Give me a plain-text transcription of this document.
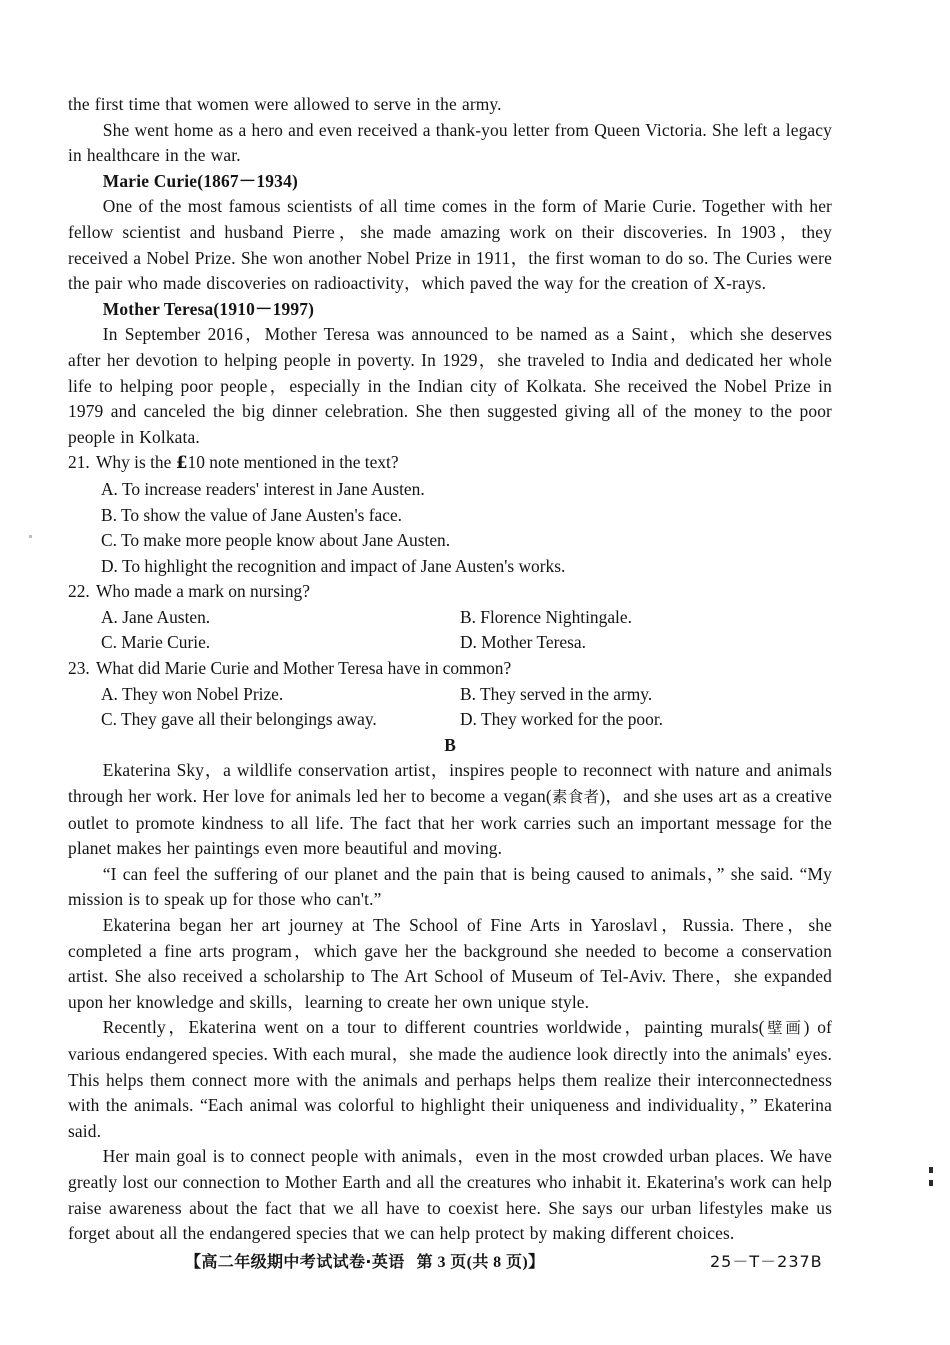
the first time that women were allowed to serve in the army.

She went home as a hero and even received a thank-you letter from Queen Victoria. She left a legacy in healthcare in the war.

Marie Curie(1867－1934)

One of the most famous scientists of all time comes in the form of Marie Curie. Together with her fellow scientist and husband Pierre，she made amazing work on their discoveries. In 1903，they received a Nobel Prize. She won another Nobel Prize in 1911，the first woman to do so. The Curies were the pair who made discoveries on radioactivity，which paved the way for the creation of X-rays.

Mother Teresa(1910－1997)

In September 2016，Mother Teresa was announced to be named as a Saint，which she deserves after her devotion to helping people in poverty. In 1929，she traveled to India and dedicated her whole life to helping poor people，especially in the Indian city of Kolkata. She received the Nobel Prize in 1979 and canceled the big dinner celebration. She then suggested giving all of the money to the poor people in Kolkata.

21. Why is the £10 note mentioned in the text?
A. To increase readers' interest in Jane Austen.
B. To show the value of Jane Austen's face.
C. To make more people know about Jane Austen.
D. To highlight the recognition and impact of Jane Austen's works.
22. Who made a mark on nursing?
A. Jane Austen.	B. Florence Nightingale.
C. Marie Curie.	D. Mother Teresa.
23. What did Marie Curie and Mother Teresa have in common?
A. They won Nobel Prize.	B. They served in the army.
C. They gave all their belongings away.	D. They worked for the poor.

B

Ekaterina Sky，a wildlife conservation artist，inspires people to reconnect with nature and animals through her work. Her love for animals led her to become a vegan(素食者)，and she uses art as a creative outlet to promote kindness to all life. The fact that her work carries such an important message for the planet makes her paintings even more beautiful and moving.

“I can feel the suffering of our planet and the pain that is being caused to animals，” she said. “My mission is to speak up for those who can't.”

Ekaterina began her art journey at The School of Fine Arts in Yaroslavl，Russia. There，she completed a fine arts program，which gave her the background she needed to become a conservation artist. She also received a scholarship to The Art School of Museum of Tel-Aviv. There，she expanded upon her knowledge and skills，learning to create her own unique style.

Recently，Ekaterina went on a tour to different countries worldwide，painting murals(壁画) of various endangered species. With each mural，she made the audience look directly into the animals' eyes. This helps them connect more with the animals and perhaps helps them realize their interconnectedness with the animals. “Each animal was colorful to highlight their uniqueness and individuality，” Ekaterina said.

Her main goal is to connect people with animals，even in the most crowded urban places. We have greatly lost our connection to Mother Earth and all the creatures who inhabit it. Ekaterina's work can help raise awareness about the fact that we all have to coexist here. She says our urban lifestyles make us forget about all the endangered species that we can help protect by making different choices.

【高二年级期中考试试卷·英语 第 3 页(共 8 页)】	25－T－237B
